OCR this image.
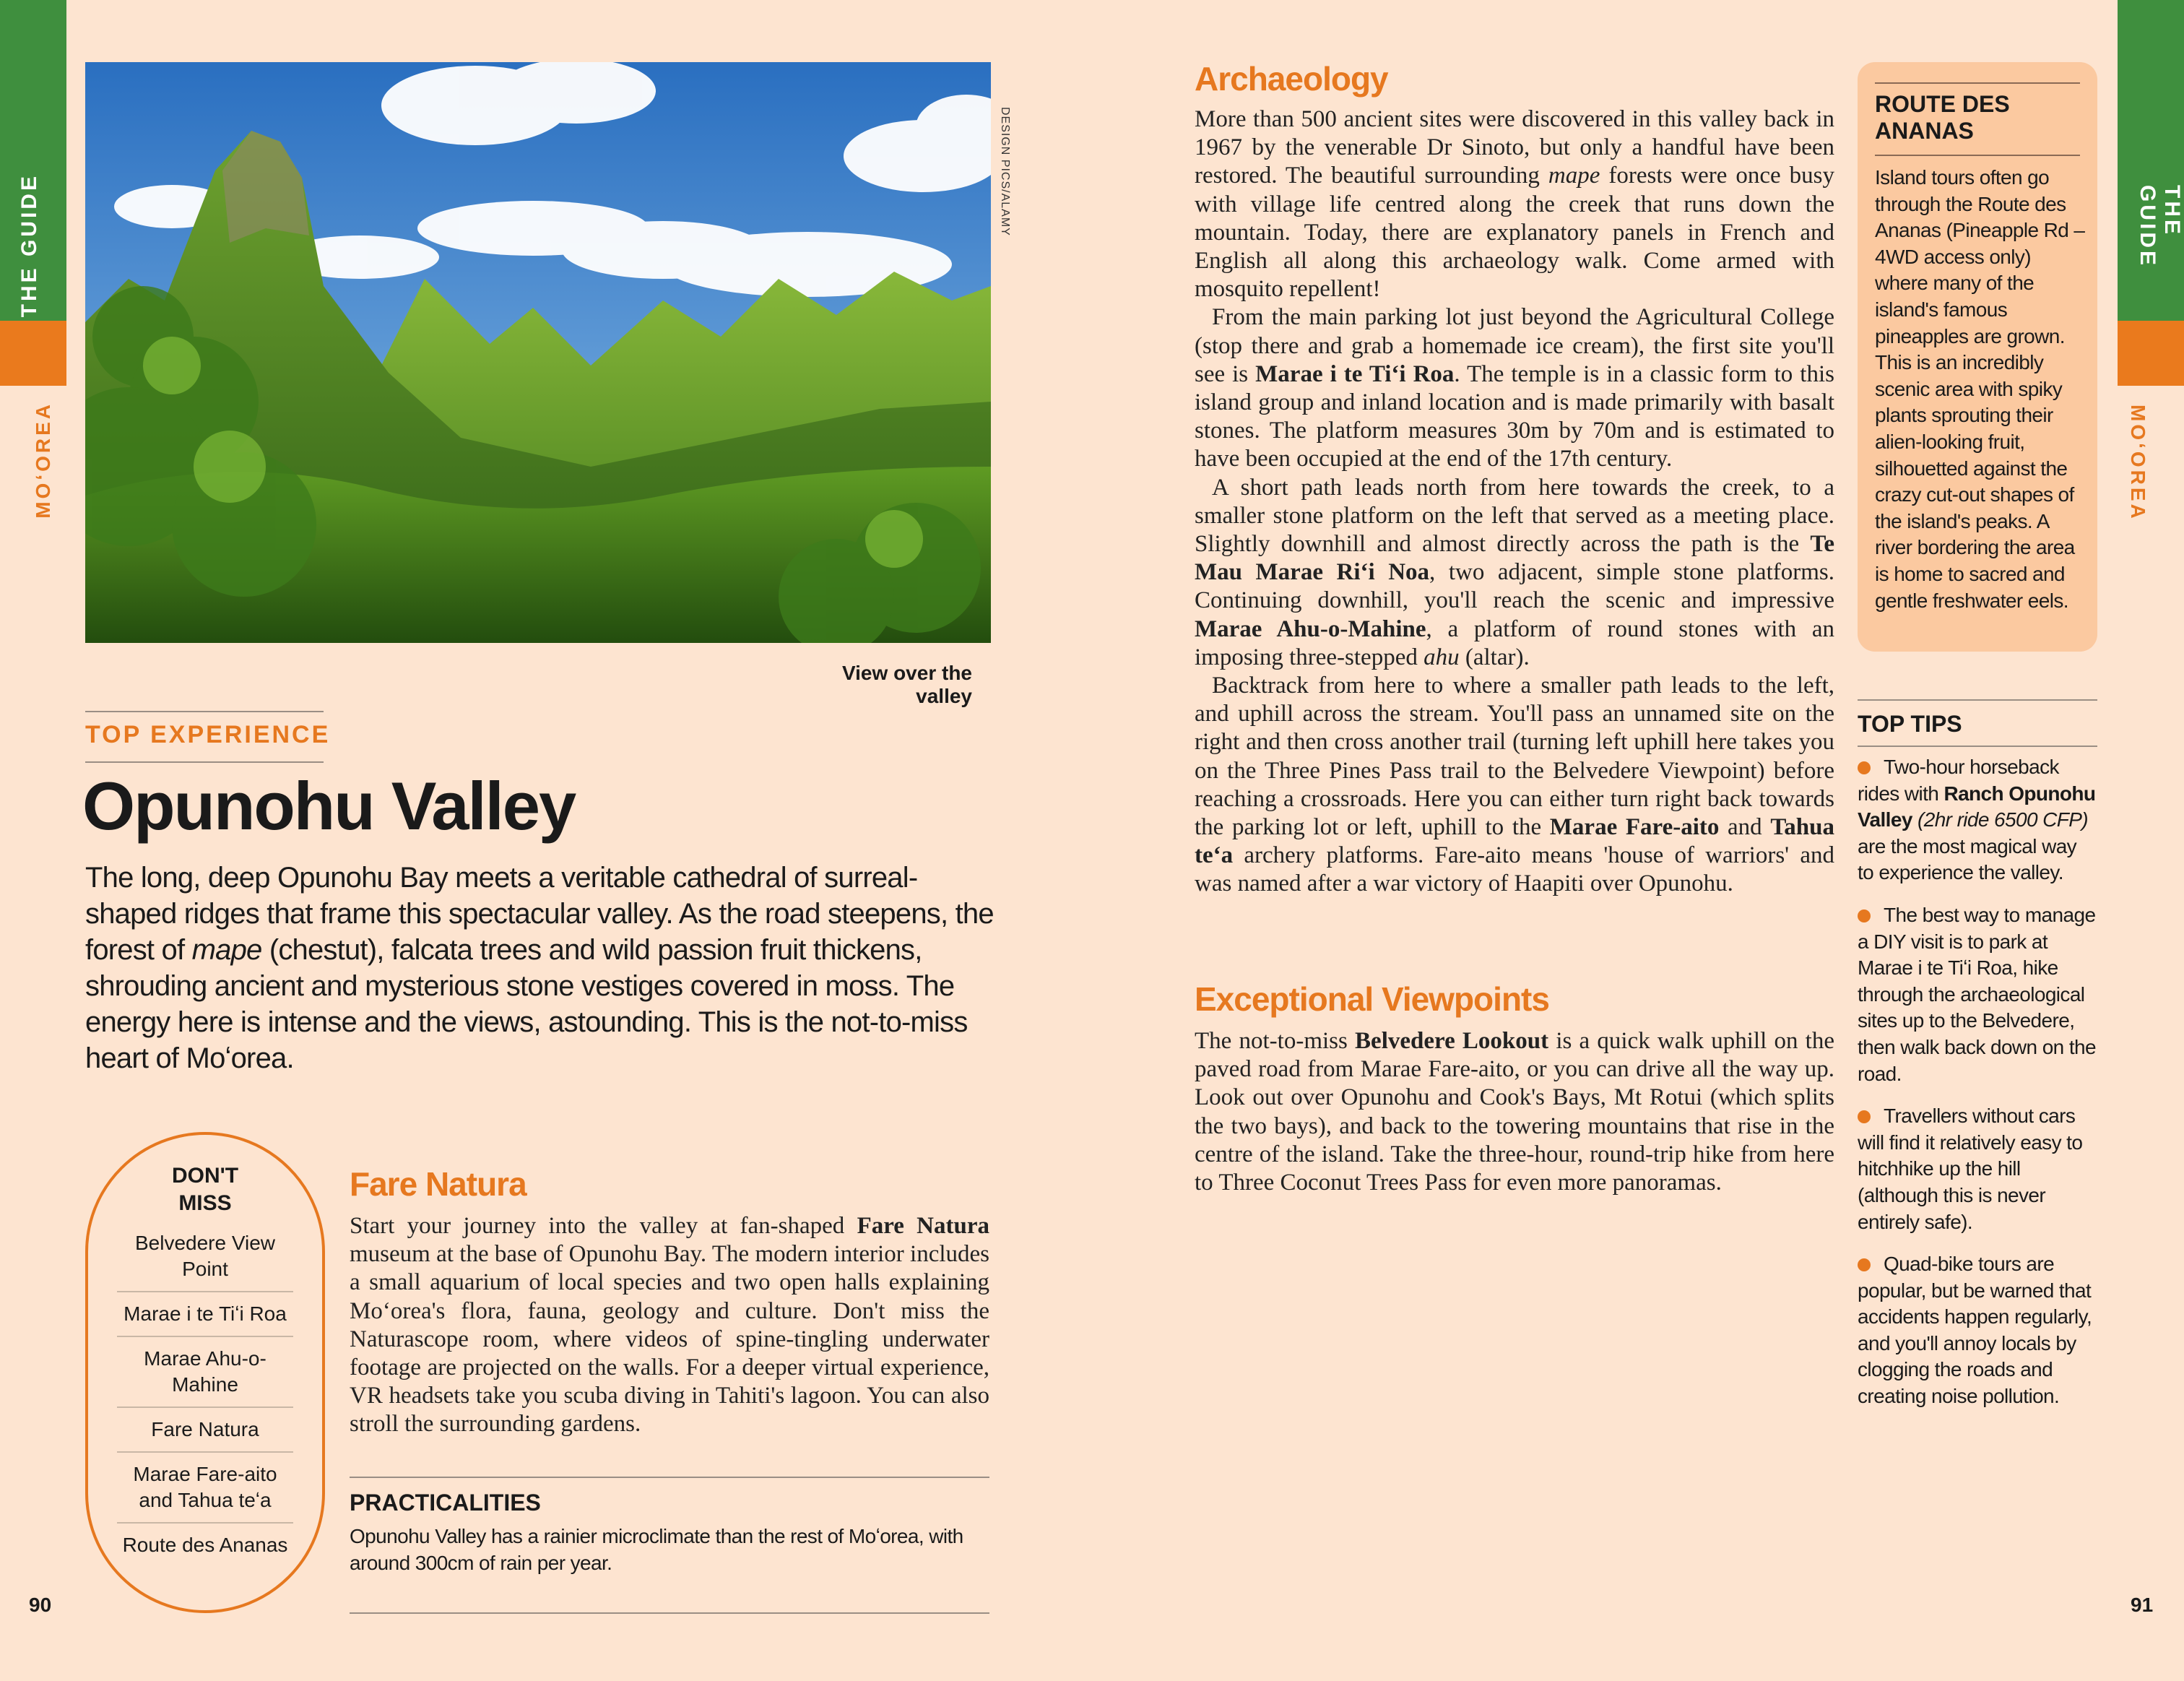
THE GUIDE
MOʻOREA
THE GUIDE
MOʻOREA
DESIGN PICS/ALAMY
View over the valley
TOP EXPERIENCE
Opunohu Valley
The long, deep Opunohu Bay meets a veritable cathedral of surreal-shaped ridges that frame this spectacular valley. As the road steepens, the forest of mape (chestut), falcata trees and wild passion fruit thickens, shrouding ancient and mysterious stone vestiges covered in moss. The energy here is intense and the views, astounding. This is the not-to-miss heart of Moʻorea.
DON'T
MISS
Belvedere View Point
Marae i te Tiʻi Roa
Marae Ahu-o-Mahine
Fare Natura
Marae Fare-aito and Tahua teʻa
Route des Ananas
Fare Natura

Start your journey into the valley at fan-shaped Fare Natura museum at the base of Opunohu Bay. The modern interior includes a small aquarium of local species and two open halls explaining Moʻorea's flora, fauna, geology and culture. Don't miss the Naturascope room, where videos of spine-tingling underwater footage are projected on the walls. For a deeper virtual experience, VR headsets take you scuba diving in Tahiti's lagoon. You can also stroll the surrounding gardens.

PRACTICALITIES
Opunohu Valley has a rainier microclimate than the rest of Moʻorea, with around 300cm of rain per year.
90	91
Archaeology

More than 500 ancient sites were discovered in this valley back in 1967 by the venerable Dr Sinoto, but only a handful have been restored. The beautiful surrounding mape forests were once busy with village life centred along the creek that runs down the mountain. Today, there are explanatory panels in French and English all along this archaeology walk. Come armed with mosquito repellent!

From the main parking lot just beyond the Agricultural College (stop there and grab a homemade ice cream), the first site you'll see is Marae i te Tiʻi Roa. The temple is in a classic form to this island group and inland location and is made primarily with basalt stones. The platform measures 30m by 70m and is estimated to have been occupied at the end of the 17th century.

A short path leads north from here towards the creek, to a smaller stone platform on the left that served as a meeting place. Slightly downhill and almost directly across the path is the Te Mau Marae Riʻi Noa, two adjacent, simple stone platforms. Continuing downhill, you'll reach the scenic and impressive Marae Ahu-o-Mahine, a platform of round stones with an imposing three-stepped ahu (altar).

Backtrack from here to where a smaller path leads to the left, and uphill across the stream. You'll pass an unnamed site on the right and then cross another trail (turning left uphill here takes you on the Three Pines Pass trail to the Belvedere Viewpoint) before reaching a crossroads. Here you can either turn right back towards the parking lot or left, uphill to the Marae Fare-aito and Tahua teʻa archery platforms. Fare-aito means 'house of warriors' and was named after a war victory of Haapiti over Opunohu.

Exceptional Viewpoints

The not-to-miss Belvedere Lookout is a quick walk uphill on the paved road from Marae Fare-aito, or you can drive all the way up. Look out over Opunohu and Cook's Bays, Mt Rotui (which splits the two bays), and back to the towering mountains that rise in the centre of the island. Take the three-hour, round-trip hike from here to Three Coconut Trees Pass for even more panoramas.

ROUTE DES
ANANAS
Island tours often go through the Route des Ananas (Pineapple Rd – 4WD access only) where many of the island's famous pineapples are grown. This is an incredibly scenic area with spiky plants sprouting their alien-looking fruit, silhouetted against the crazy cut-out shapes of the island's peaks. A river bordering the area is home to sacred and gentle freshwater eels.
TOP TIPS
Two-hour horseback rides with Ranch Opunohu Valley (2hr ride 6500 CFP) are the most magical way to experience the valley.
The best way to manage a DIY visit is to park at Marae i te Tiʻi Roa, hike through the archaeological sites up to the Belvedere, then walk back down on the road.
Travellers without cars will find it relatively easy to hitchhike up the hill (although this is never entirely safe).
Quad-bike tours are popular, but be warned that accidents happen regularly, and you'll annoy locals by clogging the roads and creating noise pollution.
